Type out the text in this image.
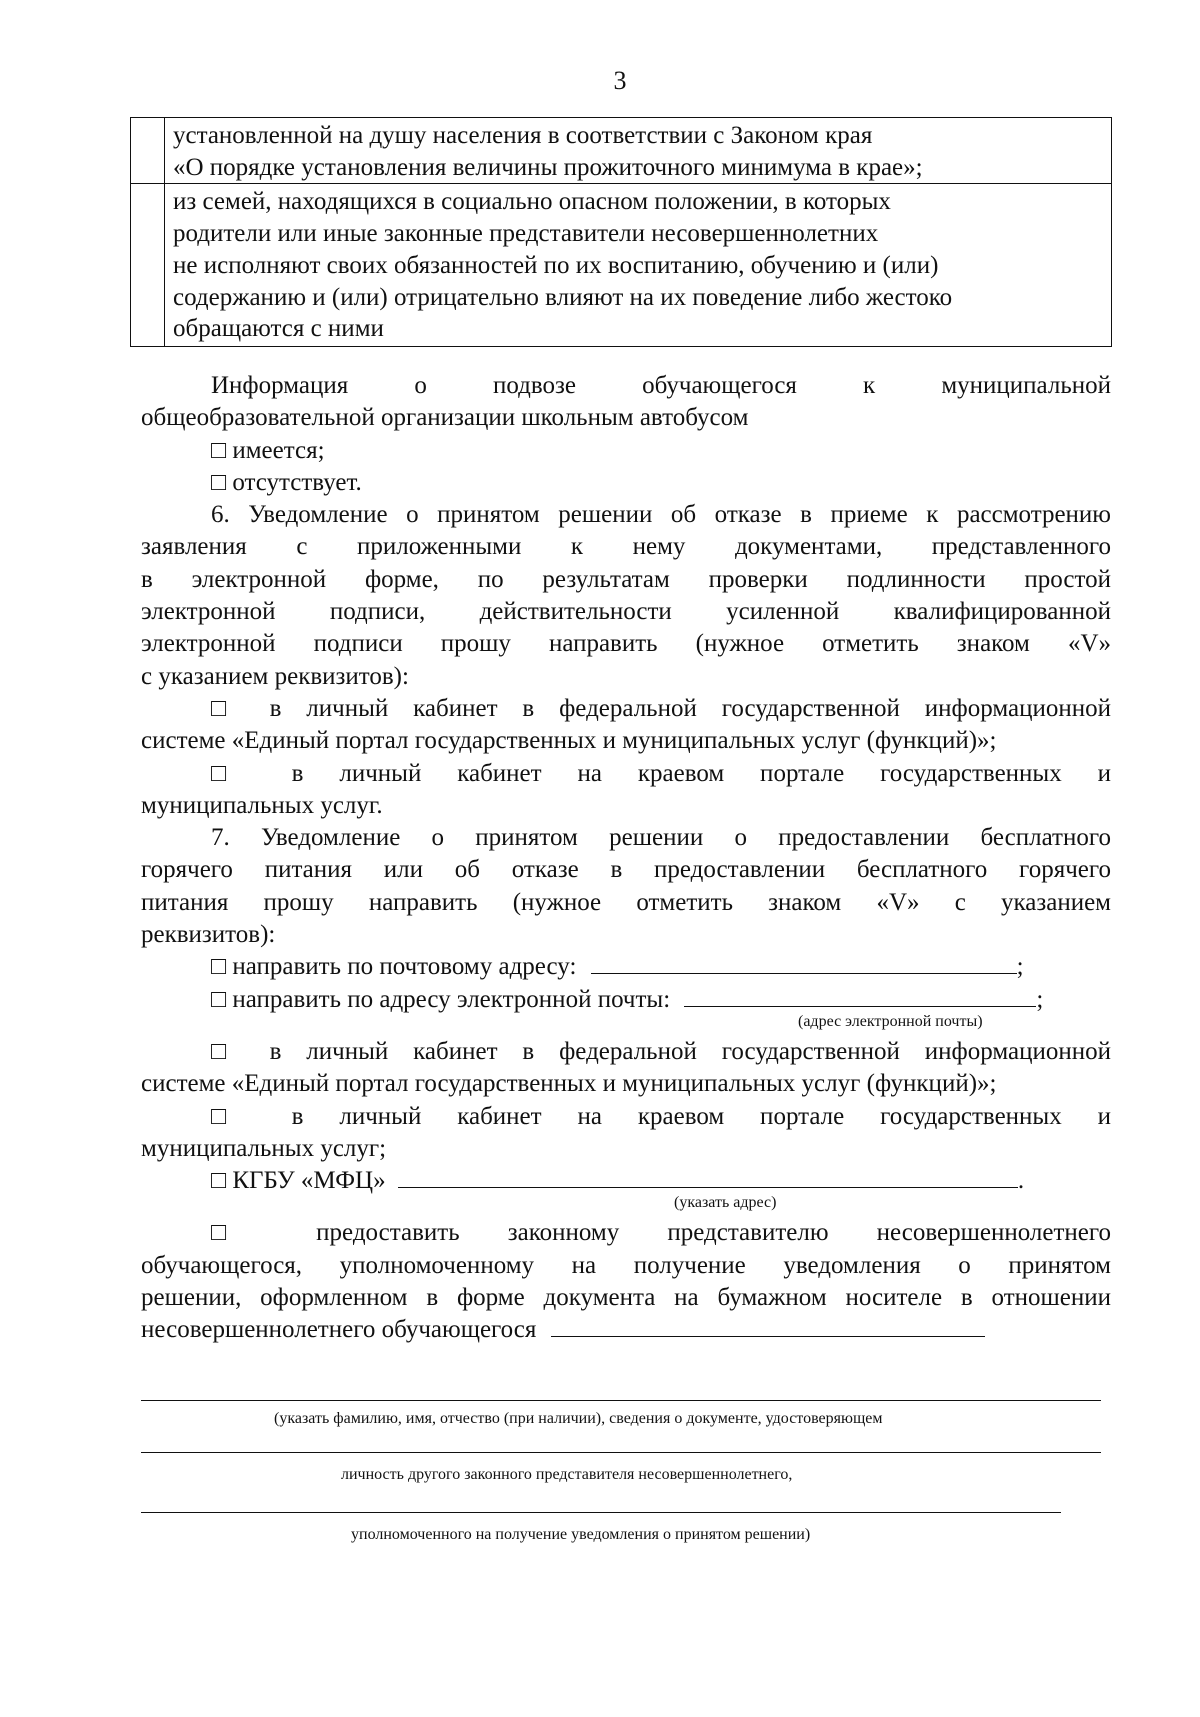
3

	установленной на душу населения в соответствии с Законом края
«О порядке установления величины прожиточного минимума в крае»;

	из семей, находящихся в социально опасном положении, в которых
родители или иные законные представители несовершеннолетних
не исполняют своих обязанностей по их воспитанию, обучению и (или)
содержанию и (или) отрицательно влияют на их поведение либо жестоко
обращаются с ними
Информация о подвозе обучающегося к муниципальной
общеобразовательной организации школьным автобусом
□ имеется;
□ отсутствует.
6. Уведомление о принятом решении об отказе в приеме к рассмотрению
заявления с приложенными к нему документами, представленного
в электронной форме, по результатам проверки подлинности простой
электронной подписи, действительности усиленной квалифицированной
электронной подписи прошу направить (нужное отметить знаком «V»
с указанием реквизитов):
□ в личный кабинет в федеральной государственной информационной
системе «Единый портал государственных и муниципальных услуг (функций)»;
□ в личный кабинет на краевом портале государственных и
муниципальных услуг.
7. Уведомление о принятом решении о предоставлении бесплатного
горячего питания или об отказе в предоставлении бесплатного горячего
питания прошу направить (нужное отметить знаком «V» с указанием
реквизитов):
□ направить по почтовому адресу:	;
□ направить по адресу электронной почты:	;
(адрес электронной почты)
□ в личный кабинет в федеральной государственной информационной
системе «Единый портал государственных и муниципальных услуг (функций)»;
□ в личный кабинет на краевом портале государственных и
муниципальных услуг;
□ КГБУ «МФЦ»	.
(указать адрес)
□ предоставить законному представителю несовершеннолетнего
обучающегося, уполномоченному на получение уведомления о принятом
решении, оформленном в форме документа на бумажном носителе в отношении
несовершеннолетнего обучающегося
(указать фамилию, имя, отчество (при наличии), сведения о документе, удостоверяющем
личность другого законного представителя несовершеннолетнего,
уполномоченного на получение уведомления о принятом решении)
